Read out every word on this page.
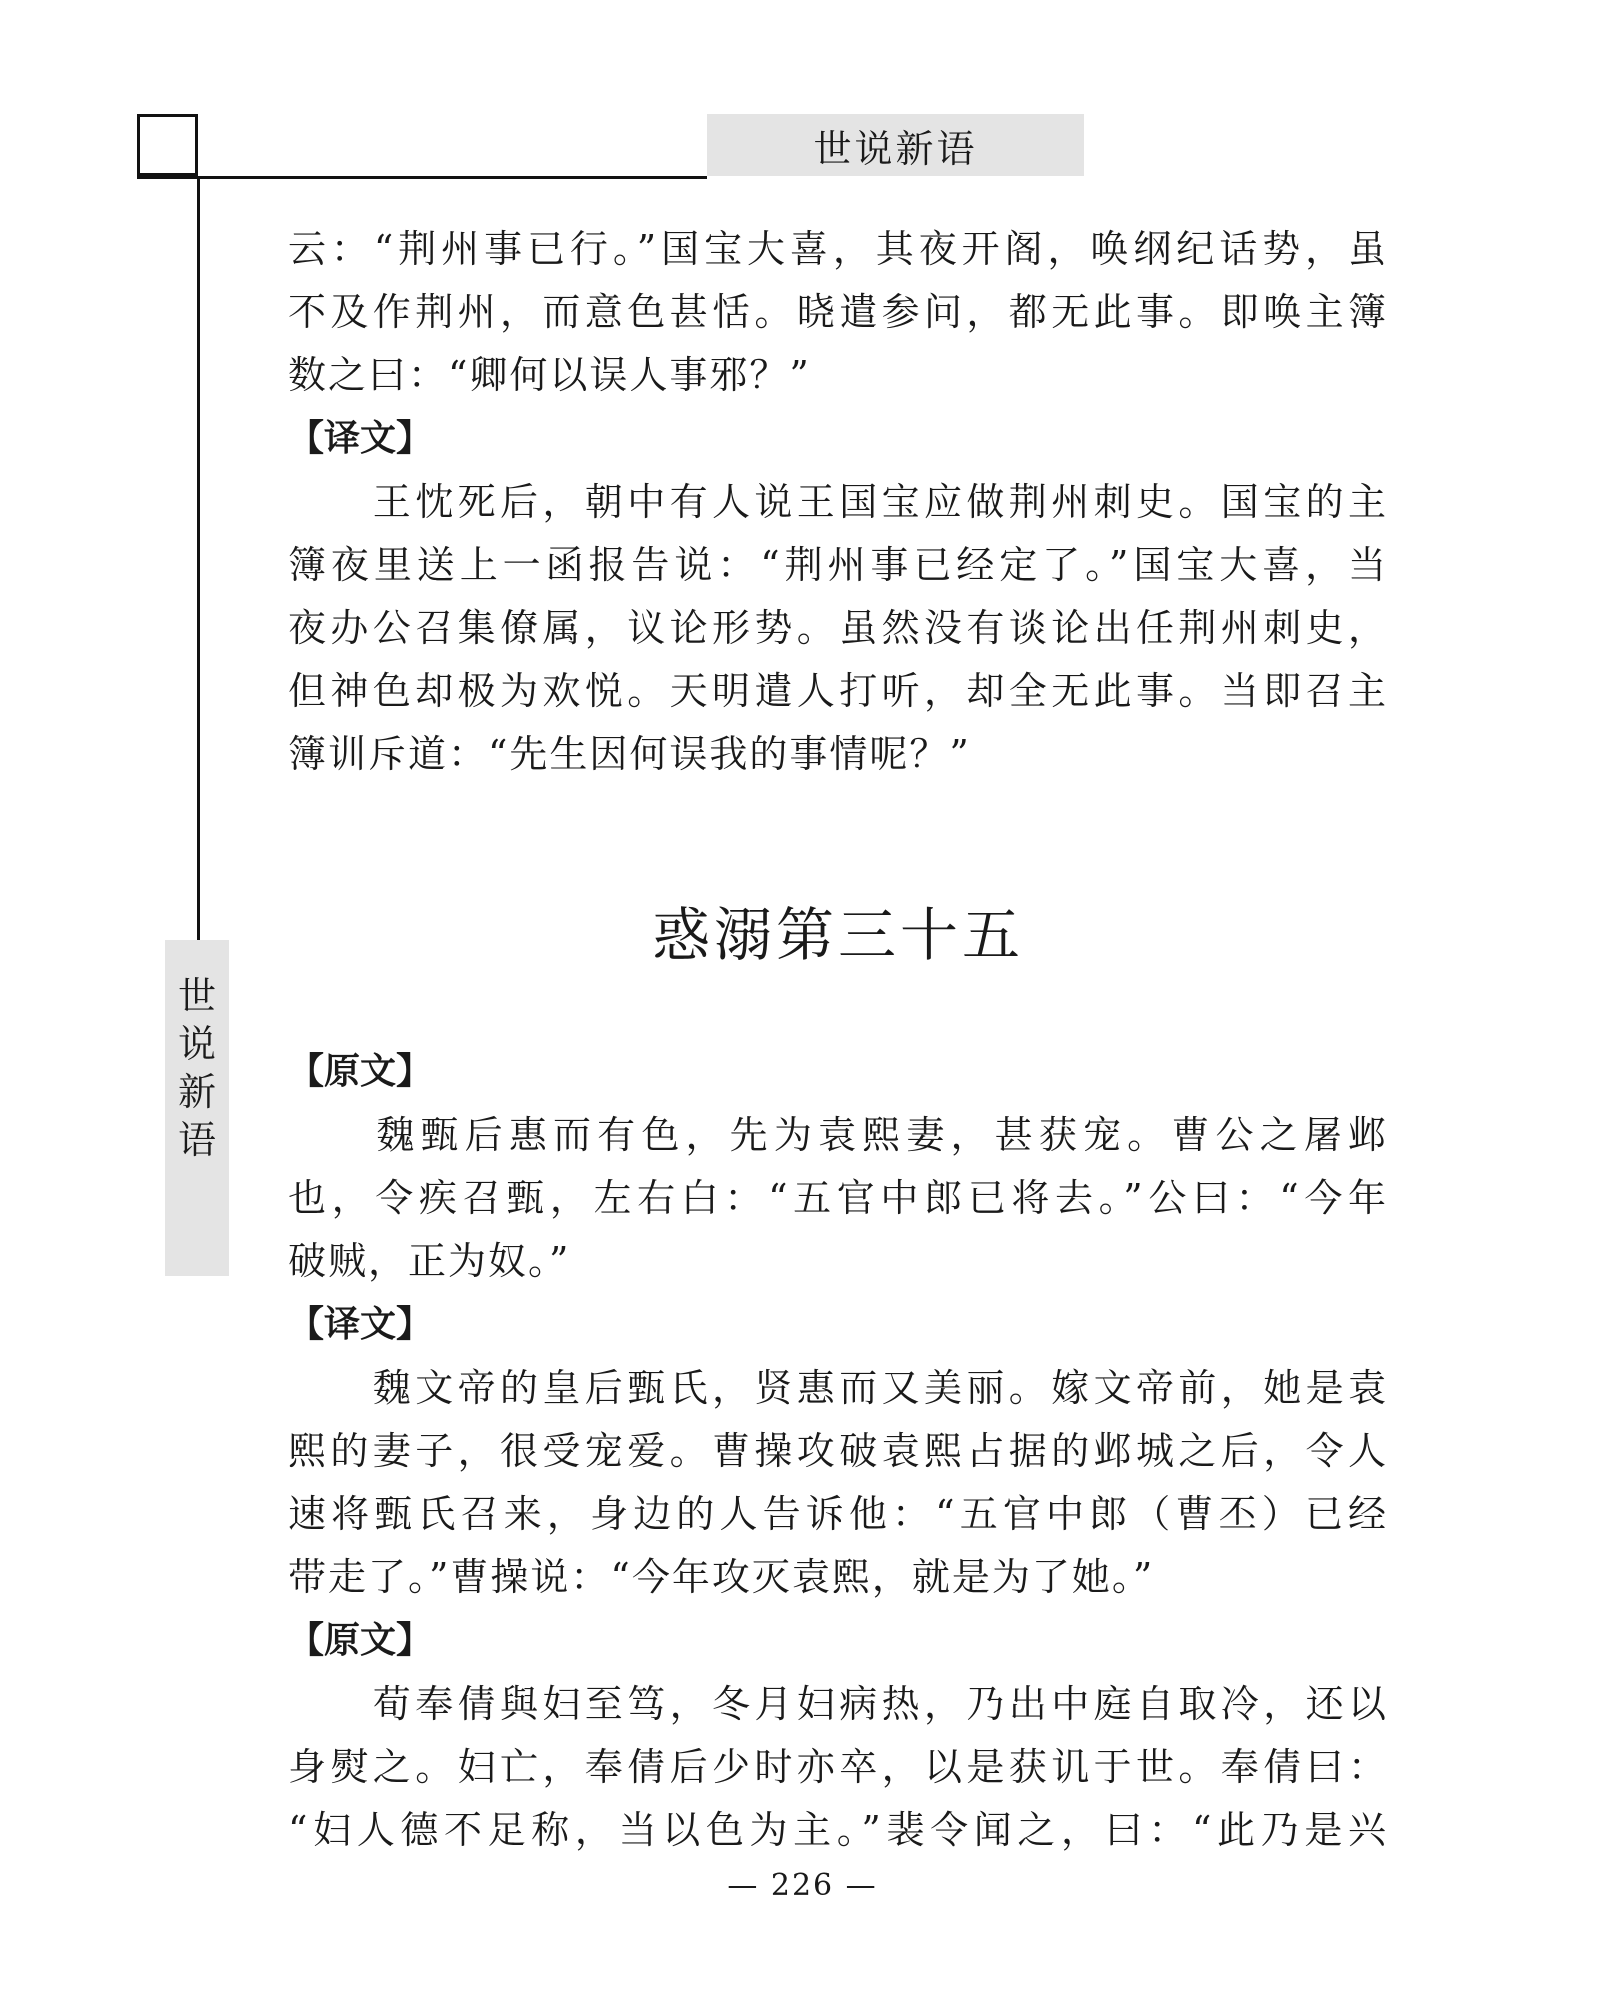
世说新语
世
说
新
语
云：“荆州事已行。”国宝大喜，其夜开阁，唤纲纪话势，虽
不及作荆州，而意色甚恬。晓遣参问，都无此事。即唤主簿
数之曰：“卿何以误人事邪？”

【译文】

　　王忱死后，朝中有人说王国宝应做荆州刺史。国宝的主
簿夜里送上一函报告说：“荆州事已经定了。”国宝大喜，当
夜办公召集僚属，议论形势。虽然没有谈论出任荆州刺史，
但神色却极为欢悦。天明遣人打听，却全无此事。当即召主
簿训斥道：“先生因何误我的事情呢？”
惑溺第三十五

【原文】

　　魏甄后惠而有色，先为袁熙妻，甚获宠。曹公之屠邺
也，令疾召甄，左右白：“五官中郎已将去。”公曰：“今年
破贼，正为奴。”

【译文】

　　魏文帝的皇后甄氏，贤惠而又美丽。嫁文帝前，她是袁
熙的妻子，很受宠爱。曹操攻破袁熙占据的邺城之后，令人
速将甄氏召来，身边的人告诉他：“五官中郎（曹丕）已经
带走了。”曹操说：“今年攻灭袁熙，就是为了她。”

【原文】

　　荀奉倩與妇至笃，冬月妇病热，乃出中庭自取冷，还以
身熨之。妇亡，奉倩后少时亦卒，以是获讥于世。奉倩曰：
“妇人德不足称，当以色为主。”裴令闻之，曰：“此乃是兴
— 226 —
